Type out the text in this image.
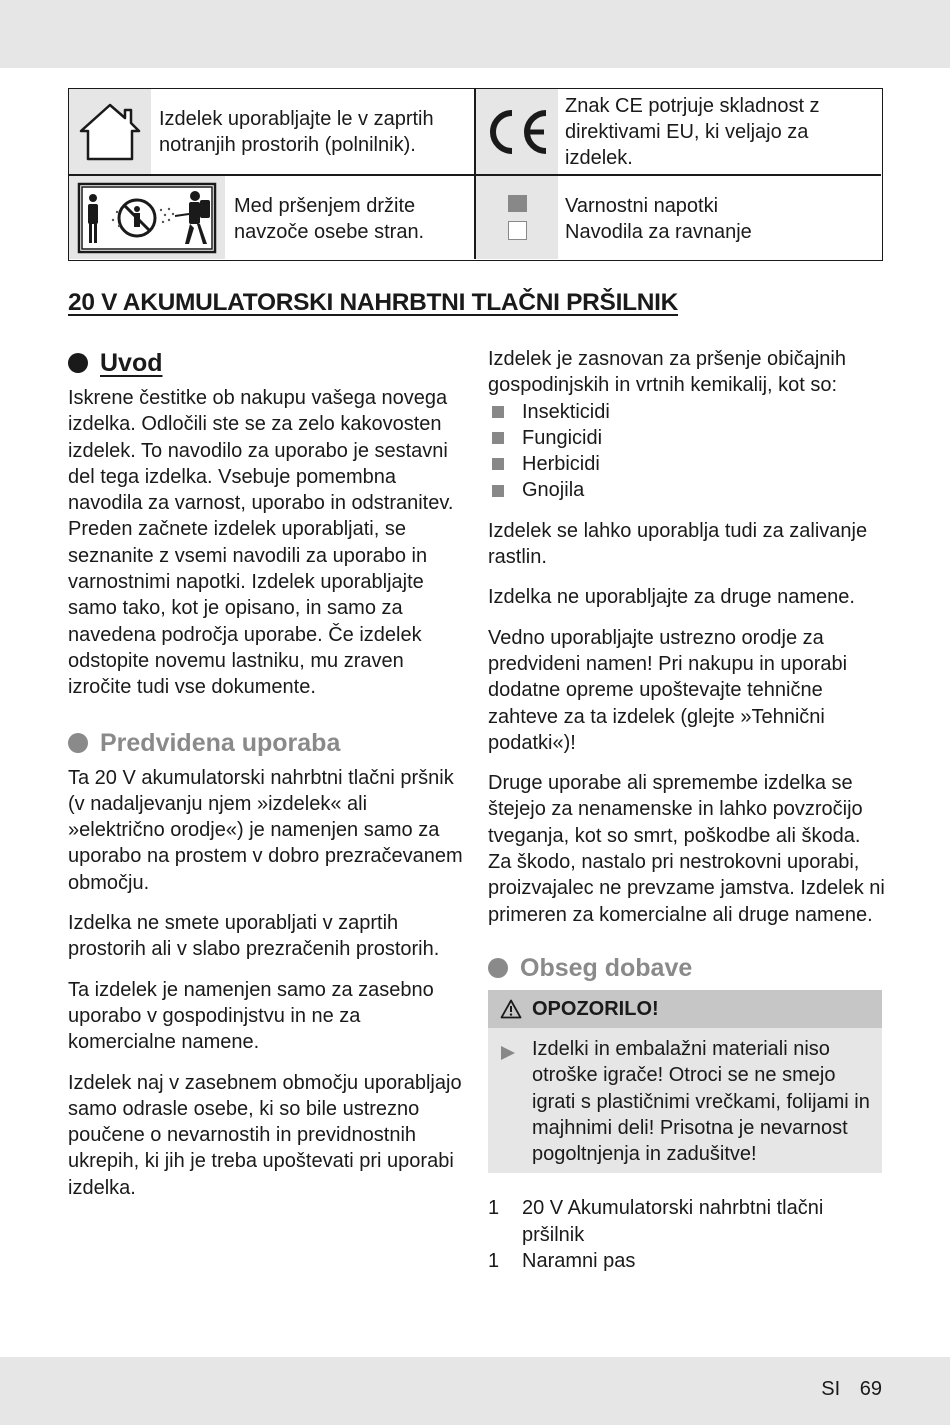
Izdelek uporabljajte le v zaprtih notranjih prostorih (polnilnik).
Znak CE potrjuje skladnost z direktivami EU, ki veljajo za izdelek.
Med pršenjem držite navzoče osebe stran.
Varnostni napotki
Navodila za ravnanje
20 V AKUMULATORSKI NAHRBTNI TLAČNI PRŠILNIK
Uvod
Iskrene čestitke ob nakupu vašega novega izdelka. Odločili ste se za zelo kakovosten izdelek. To navodilo za uporabo je sestavni del tega izdelka. Vsebuje pomembna navodila za varnost, uporabo in odstranitev. Preden začnete izdelek uporabljati, se seznanite z vsemi navodili za uporabo in varnostnimi napotki. Izdelek uporabljajte samo tako, kot je opisano, in samo za navedena področja uporabe. Če izdelek odstopite novemu lastniku, mu zraven izročite tudi vse dokumente.
Predvidena uporaba
Ta 20 V akumulatorski nahrbtni tlačni pršnik (v nadaljevanju njem »izdelek« ali »električno orodje«) je namenjen samo za uporabo na prostem v dobro prezračevanem območju.
Izdelka ne smete uporabljati v zaprtih prostorih ali v slabo prezračenih prostorih.
Ta izdelek je namenjen samo za zasebno uporabo v gospodinjstvu in ne za komercialne namene.
Izdelek naj v zasebnem območju uporabljajo samo odrasle osebe, ki so bile ustrezno poučene o nevarnostih in previdnostnih ukrepih, ki jih je treba upoštevati pri uporabi izdelka.
Izdelek je zasnovan za pršenje običajnih gospodinjskih in vrtnih kemikalij, kot so:
Insekticidi
Fungicidi
Herbicidi
Gnojila
Izdelek se lahko uporablja tudi za zalivanje rastlin.
Izdelka ne uporabljajte za druge namene.
Vedno uporabljajte ustrezno orodje za predvideni namen! Pri nakupu in uporabi dodatne opreme upoštevajte tehnične zahteve za ta izdelek (glejte »Tehnični podatki«)!
Druge uporabe ali spremembe izdelka se štejejo za nenamenske in lahko povzročijo tveganja, kot so smrt, poškodbe ali škoda. Za škodo, nastalo pri nestrokovni uporabi, proizvajalec ne prevzame jamstva. Izdelek ni primeren za komercialne ali druge namene.
Obseg dobave
OPOZORILO!
Izdelki in embalažni materiali niso otroške igrače! Otroci se ne smejo igrati s plastičnimi vrečkami, folijami in majhnimi deli! Prisotna je nevarnost pogoltnjenja in zadušitve!
1	20 V Akumulatorski nahrbtni tlačni pršilnik
1	Naramni pas
SI 69
